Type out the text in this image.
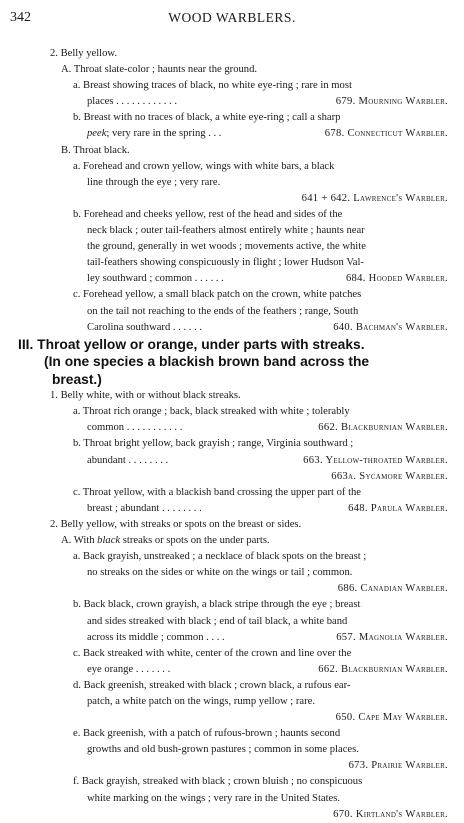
342	WOOD WARBLERS.
2. Belly yellow.
A. Throat slate-color ; haunts near the ground.
a. Breast showing traces of black, no white eye-ring ; rare in most
places . . . . . . . . . . . .	679. Mourning Warbler.
b. Breast with no traces of black, a white eye-ring ; call a sharp
peek; very rare in the spring . . .	678. Connecticut Warbler.
B. Throat black.
a. Forehead and crown yellow, wings with white bars, a black
line through the eye ; very rare.
641 + 642. Lawrence's Warbler.
b. Forehead and cheeks yellow, rest of the head and sides of the
neck black ; outer tail-feathers almost entirely white ; haunts near
the ground, generally in wet woods ; movements active, the white
tail-feathers showing conspicuously in flight ; lower Hudson Val-
ley southward ; common . . . . . .	684. Hooded Warbler.
c. Forehead yellow, a small black patch on the crown, white patches
on the tail not reaching to the ends of the feathers ; range, South
Carolina southward . . . . . .	640. Bachman's Warbler.
III. Throat yellow or orange, under parts with streaks.
(In one species a blackish brown band across the
breast.)
1. Belly white, with or without black streaks.
a. Throat rich orange ; back, black streaked with white ; tolerably
common . . . . . . . . . . .	662. Blackburnian Warbler.
b. Throat bright yellow, back grayish ; range, Virginia southward ;
abundant . . . . . . . .	663. Yellow-throated Warbler.
663a. Sycamore Warbler.
c. Throat yellow, with a blackish band crossing the upper part of the
breast ; abundant . . . . . . . .	648. Parula Warbler.
2. Belly yellow, with streaks or spots on the breast or sides.
A. With black streaks or spots on the under parts.
a. Back grayish, unstreaked ; a necklace of black spots on the breast ;
no streaks on the sides or white on the wings or tail ; common.
686. Canadian Warbler.
b. Back black, crown grayish, a black stripe through the eye ; breast
and sides streaked with black ; end of tail black, a white band
across its middle ; common . . . .	657. Magnolia Warbler.
c. Back streaked with white, center of the crown and line over the
eye orange . . . . . . .	662. Blackburnian Warbler.
d. Back greenish, streaked with black ; crown black, a rufous ear-
patch, a white patch on the wings, rump yellow ; rare.
650. Cape May Warbler.
e. Back greenish, with a patch of rufous-brown ; haunts second
growths and old bush-grown pastures ; common in some places.
673. Prairie Warbler.
f. Back grayish, streaked with black ; crown bluish ; no conspicuous
white marking on the wings ; very rare in the United States.
670. Kirtland's Warbler.
